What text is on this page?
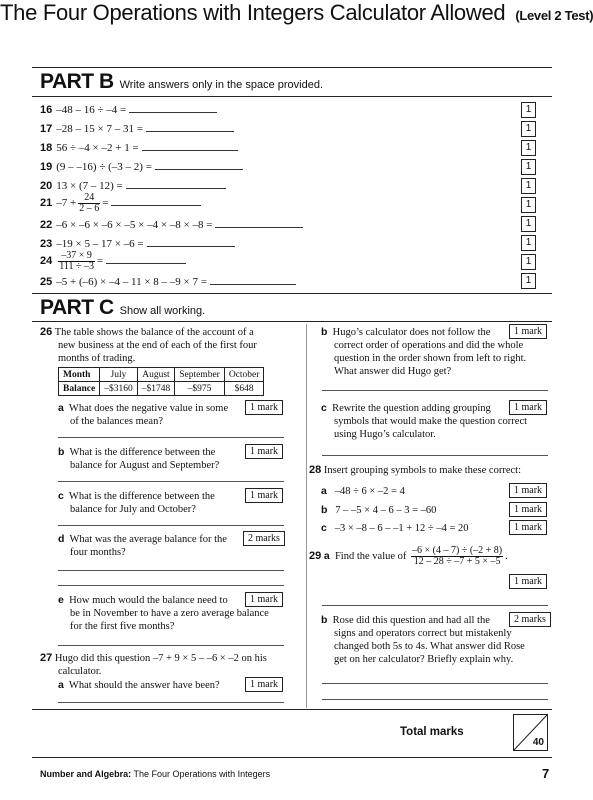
The Four Operations with Integers Calculator Allowed (Level 2 Test)
PART B Write answers only in the space provided.
16 –48 – 16 ÷ –4 =	1
17 –28 – 15 × 7 – 31 =	1
18 56 ÷ –4 × –2 + 1 =	1
19 (9 – –16) ÷ (–3 – 2) =	1
20 13 × (7 – 12) =	1
21 $-7 + \frac{24}{2 - 6}$ =	1
22 –6 × –6 × –6 × –5 × –4 × –8 × –8 =	1
23 –19 × 5 – 17 × –6 =	1
$24 \frac{-37 \times 9}{111 \div -3}$ =	1
25 –5 + (–6) × –4 – 11 × 8 – –9 × 7 =	1
PART C Show all working.
26 The table shows the balance of the account of a
new business at the end of each of the first four
months of trading.
Month	July	August	September	October
Balance	–$3160	–$1748	–$975	$648
a What does the negative value in some
of the balances mean?
1 mark
b What is the difference between the
balance for August and September?
1 mark
c What is the difference between the
balance for July and October?
1 mark
d What was the average balance for the
four months?
2 marks
e How much would the balance need to
be in November to have a zero average balance
for the first five months?
1 mark
27 Hugo did this question –7 + 9 × 5 – –6 × –2 on his
calculator.
a What should the answer have been?	1 mark
b Hugo’s calculator does not follow the
correct order of operations and did the whole
question in the order shown from left to right.
What answer did Hugo get?
1 mark
c Rewrite the question adding grouping
symbols that would make the question correct
using Hugo’s calculator.
1 mark
28 Insert grouping symbols to make these correct:
a –48 ÷ 6 × –2 = 4	1 mark
b 7 – –5 × 4 – 6 – 3 = –60	1 mark
c –3 × –8 – 6 – –1 + 12 ÷ –4 = 20	1 mark
29 a Find the value of $\frac{-6 \times (4 - 7) \div (-2 + 8)}{12 - 28 \div -7 + 5 \times -5}$ .
1 mark
b Rose did this question and had all the
signs and operators correct but mistakenly
changed both 5s to 4s. What answer did Rose
get on her calculator? Briefly explain why.
2 marks
Total marks
40
Number and Algebra: The Four Operations with Integers	7
